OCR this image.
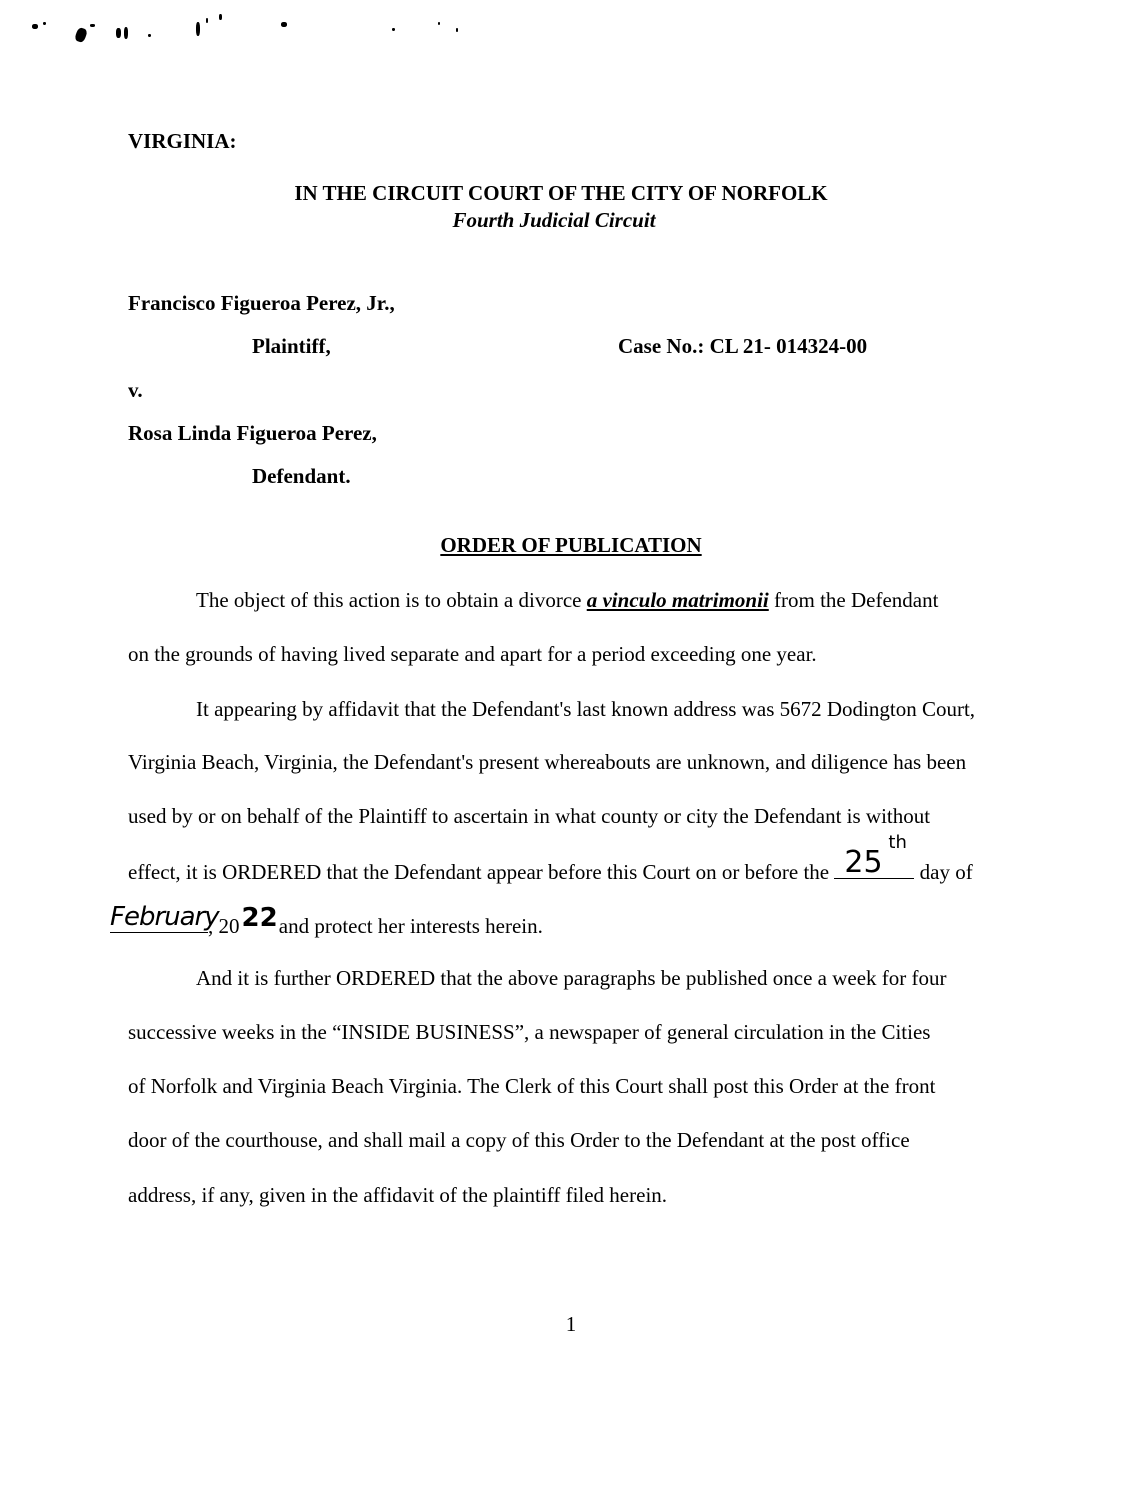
VIRGINIA:
IN THE CIRCUIT COURT OF THE CITY OF NORFOLK
Fourth Judicial Circuit
Francisco Figueroa Perez, Jr.,
Plaintiff,	Case No.: CL 21- 014324-00
v.
Rosa Linda Figueroa Perez,
Defendant.
ORDER OF PUBLICATION
The object of this action is to obtain a divorce a vinculo matrimonii from the Defendant
on the grounds of having lived separate and apart for a period exceeding one year.
It appearing by affidavit that the Defendant's last known address was 5672 Dodington Court,
Virginia Beach, Virginia, the Defendant's present whereabouts are unknown, and diligence has been
used by or on behalf of the Plaintiff to ascertain in what county or city the Defendant is without
effect, it is ORDERED that the Defendant appear before this Court on or before the 25
th
day of
February
, 20 22
and protect her interests herein.
And it is further ORDERED that the above paragraphs be published once a week for four
successive weeks in the “INSIDE BUSINESS”, a newspaper of general circulation in the Cities
of Norfolk and Virginia Beach Virginia. The Clerk of this Court shall post this Order at the front
door of the courthouse, and shall mail a copy of this Order to the Defendant at the post office
address, if any, given in the affidavit of the plaintiff filed herein.
1
